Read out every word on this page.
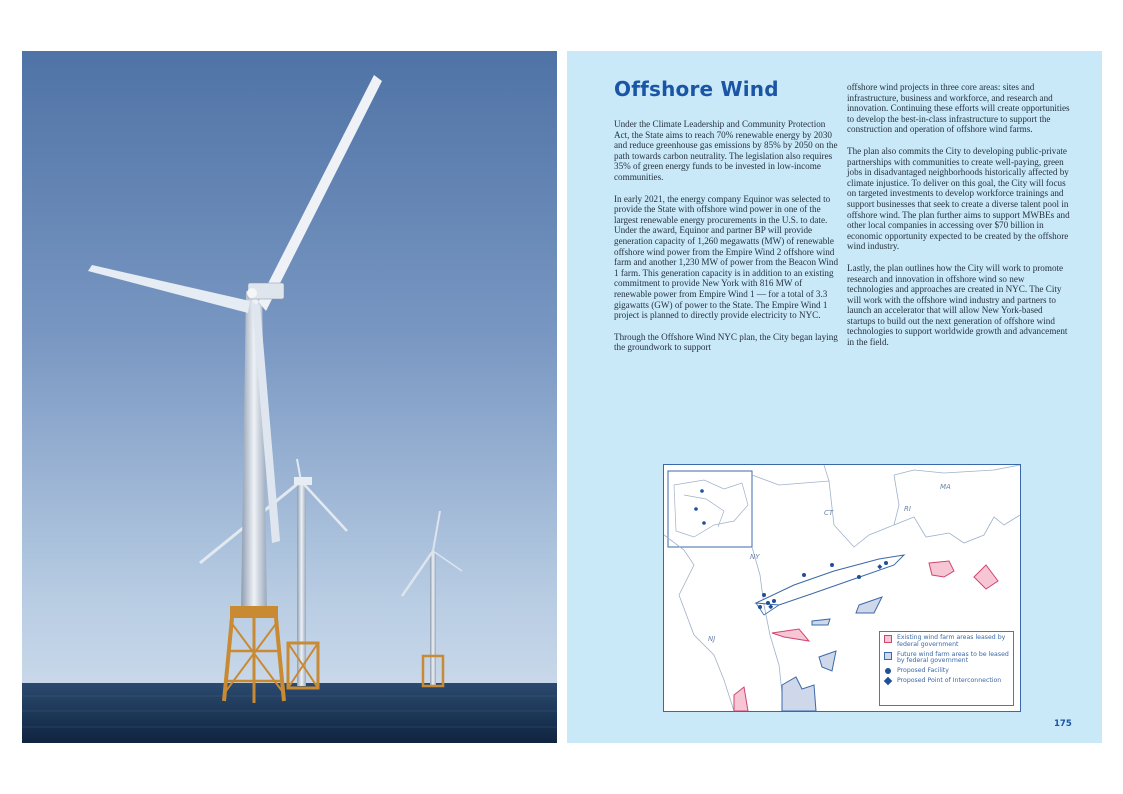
Offshore Wind

Under the Climate Leadership and Community Protection Act, the State aims to reach 70% renewable energy by 2030 and reduce greenhouse gas emissions by 85% by 2050 on the path towards carbon neutrality. The legislation also requires 35% of green energy funds to be invested in low-income communities.

In early 2021, the energy company Equinor was selected to provide the State with offshore wind power in one of the largest renewable energy procurements in the U.S. to date. Under the award, Equinor and partner BP will provide generation capacity of 1,260 megawatts (MW) of renewable offshore wind power from the Empire Wind 2 offshore wind farm and another 1,230 MW of power from the Beacon Wind 1 farm. This generation capacity is in addition to an existing commitment to provide New York with 816 MW of renewable power from Empire Wind 1 — for a total of 3.3 gigawatts (GW) of power to the State. The Empire Wind 1 project is planned to directly provide electricity to NYC.

Through the Offshore Wind NYC plan, the City began laying the groundwork to support

offshore wind projects in three core areas: sites and infrastructure, business and workforce, and research and innovation. Continuing these efforts will create opportunities to develop the best-in-class infrastructure to support the construction and operation of offshore wind farms.

The plan also commits the City to developing public-private partnerships with communities to create well-paying, green jobs in disadvantaged neighborhoods historically affected by climate injustice. To deliver on this goal, the City will focus on targeted investments to develop workforce trainings and support businesses that seek to create a diverse talent pool in offshore wind. The plan further aims to support MWBEs and other local companies in accessing over $70 billion in economic opportunity expected to be created by the offshore wind industry.

Lastly, the plan outlines how the City will work to promote research and innovation in offshore wind so new technologies and approaches are created in NYC. The City will work with the offshore wind industry and partners to launch an accelerator that will allow New York-based startups to build out the next generation of offshore wind technologies to support worldwide growth and advancement in the field.

MA
CT	RI
NY
NJ	Existing wind farm areas leased by federal government
Future wind farm areas to be leased by federal government
Proposed Facility
Proposed Point of Interconnection
175
